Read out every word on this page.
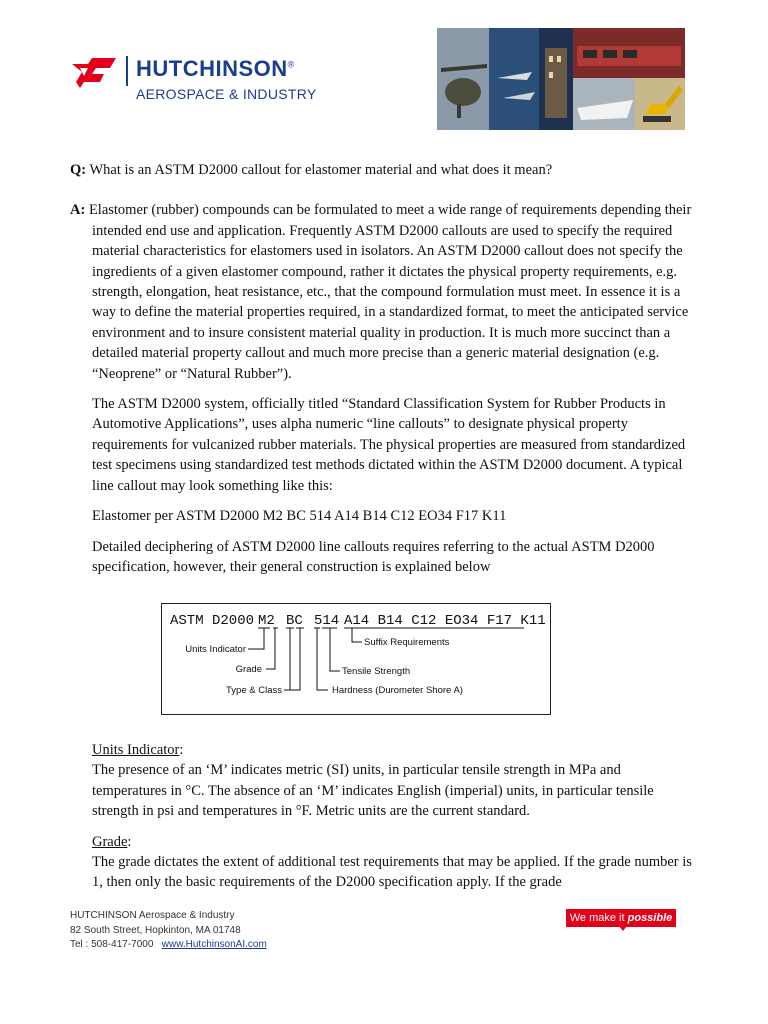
HUTCHINSON®
AEROSPACE & INDUSTRY

Q: What is an ASTM D2000 callout for elastomer material and what does it mean?

A: Elastomer (rubber) compounds can be formulated to meet a wide range of requirements depending their intended end use and application. Frequently ASTM D2000 callouts are used to specify the required material characteristics for elastomers used in isolators. An ASTM D2000 callout does not specify the ingredients of a given elastomer compound, rather it dictates the physical property requirements, e.g. strength, elongation, heat resistance, etc., that the compound formulation must meet. In essence it is a way to define the material properties required, in a standardized format, to meet the anticipated service environment and to insure consistent material quality in production. It is much more succinct than a detailed material property callout and much more precise than a generic material designation (e.g. “Neoprene” or “Natural Rubber”).

The ASTM D2000 system, officially titled “Standard Classification System for Rubber Products in Automotive Applications”, uses alpha numeric “line callouts” to designate physical property requirements for vulcanized rubber materials. The physical properties are measured from standardized test specimens using standardized test methods dictated within the ASTM D2000 document. A typical line callout may look something like this:

Elastomer per ASTM D2000 M2 BC 514 A14 B14 C12 EO34 F17 K11

Detailed deciphering of ASTM D2000 line callouts requires referring to the actual ASTM D2000 specification, however, their general construction is explained below

ASTM D2000 M2 BC 514 A14 B14 C12 EO34 F17 K11
Units Indicator
Grade
Type & Class
Suffix Requirements
Tensile Strength
Hardness (Durometer Shore A)

Units Indicator:
The presence of an ‘M’ indicates metric (SI) units, in particular tensile strength in MPa and temperatures in °C. The absence of an ‘M’ indicates English (imperial) units, in particular tensile strength in psi and temperatures in °F. Metric units are the current standard.

Grade:
The grade dictates the extent of additional test requirements that may be applied. If the grade number is 1, then only the basic requirements of the D2000 specification apply. If the grade

HUTCHINSON Aerospace & Industry
82 South Street, Hopkinton, MA 01748
Tel : 508-417-7000 www.HutchinsonAI.com
We make it possible
